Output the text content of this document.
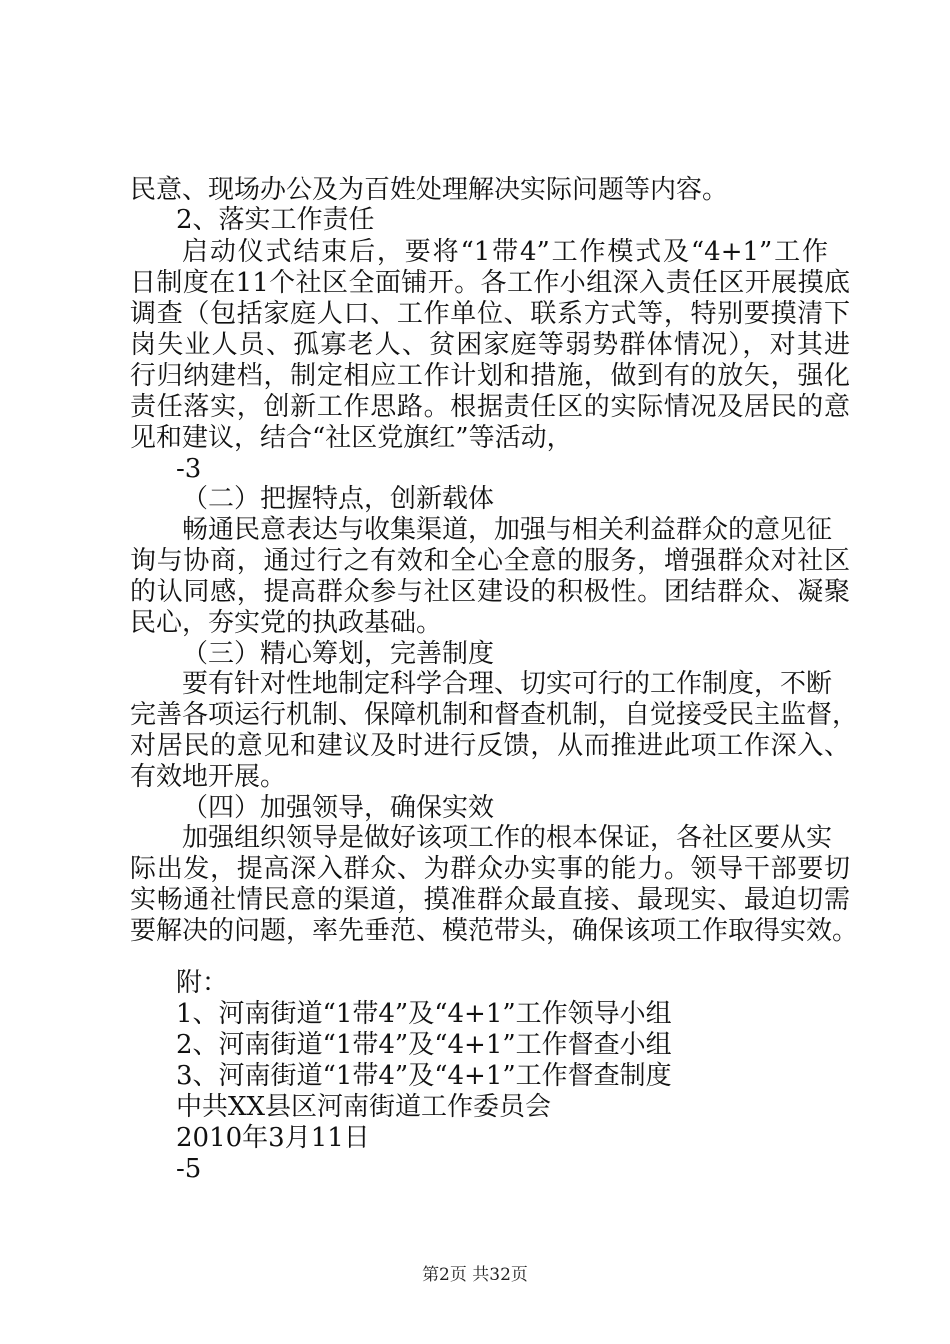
民意、现场办公及为百姓处理解决实际问题等内容。
2、落实工作责任
启动仪式结束后，要将“1带4”工作模式及“4+1”工作
日制度在11个社区全面铺开。各工作小组深入责任区开展摸底
调查（包括家庭人口、工作单位、联系方式等，特别要摸清下
岗失业人员、孤寡老人、贫困家庭等弱势群体情况），对其进
行归纳建档，制定相应工作计划和措施，做到有的放矢，强化
责任落实，创新工作思路。根据责任区的实际情况及居民的意
见和建议，结合“社区党旗红”等活动，
-3
（二）把握特点，创新载体
畅通民意表达与收集渠道，加强与相关利益群众的意见征
询与协商，通过行之有效和全心全意的服务，增强群众对社区
的认同感，提高群众参与社区建设的积极性。团结群众、凝聚
民心，夯实党的执政基础。
（三）精心筹划，完善制度
要有针对性地制定科学合理、切实可行的工作制度，不断
完善各项运行机制、保障机制和督查机制，自觉接受民主监督，
对居民的意见和建议及时进行反馈，从而推进此项工作深入、
有效地开展。
（四）加强领导，确保实效
加强组织领导是做好该项工作的根本保证，各社区要从实
际出发，提高深入群众、为群众办实事的能力。领导干部要切
实畅通社情民意的渠道，摸准群众最直接、最现实、最迫切需
要解决的问题，率先垂范、模范带头，确保该项工作取得实效。
附：
1、河南街道“1带4”及“4+1”工作领导小组
2、河南街道“1带4”及“4+1”工作督查小组
3、河南街道“1带4”及“4+1”工作督查制度
中共XX县区河南街道工作委员会
2010年3月11日
-5
第2页 共32页
